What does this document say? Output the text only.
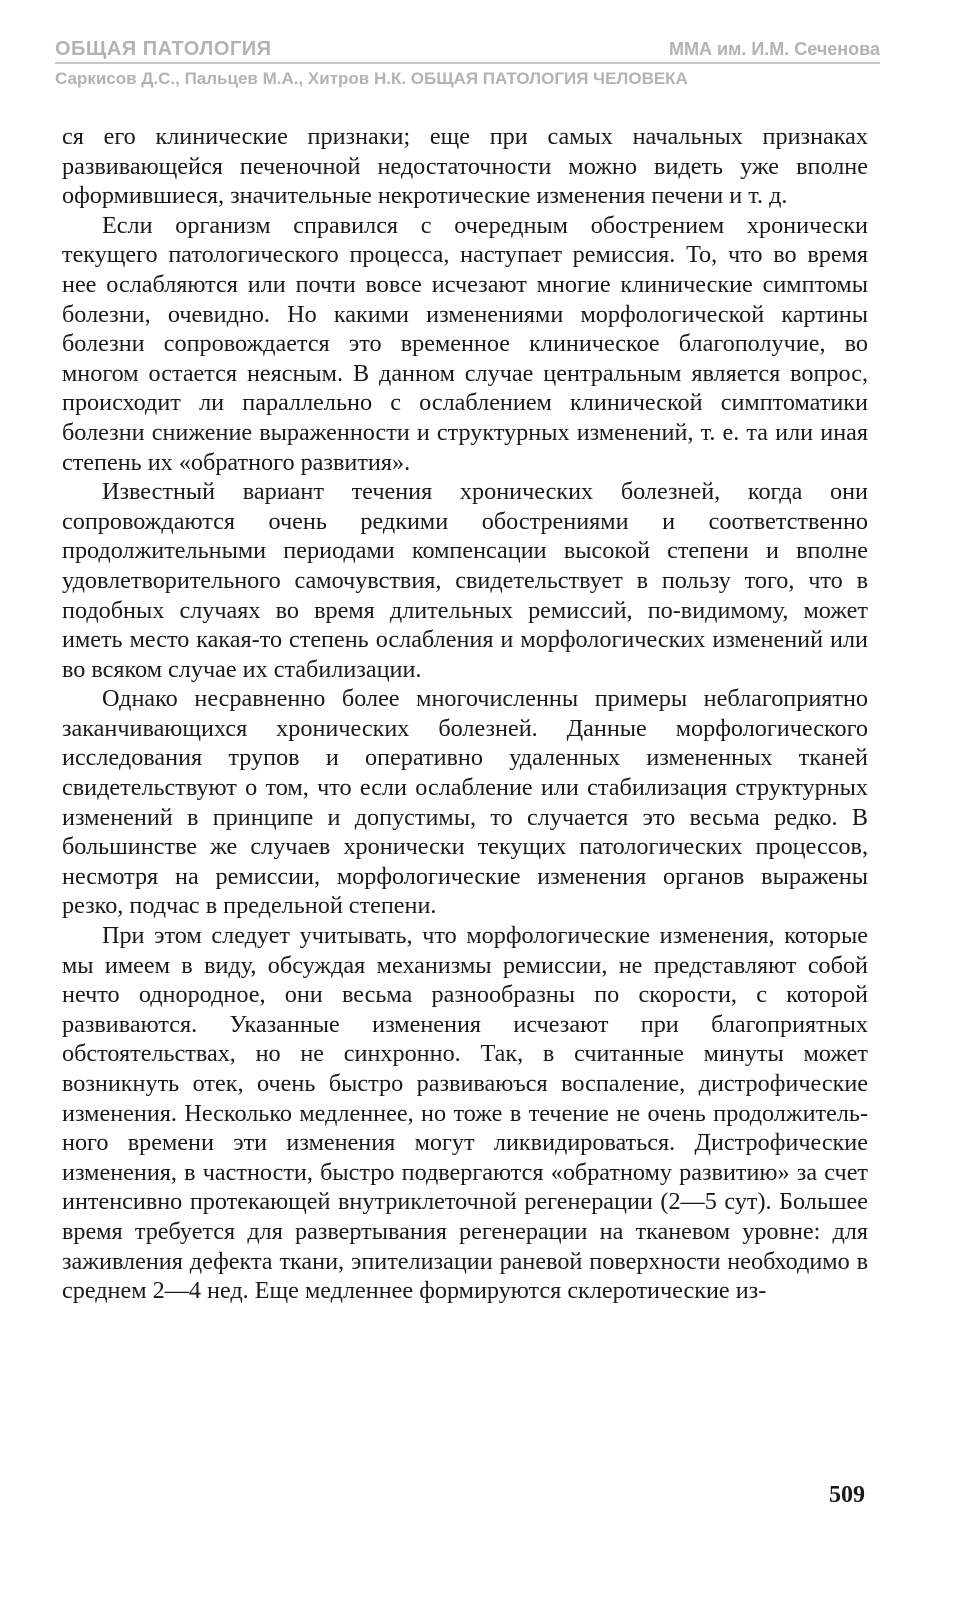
ОБЩАЯ ПАТОЛОГИЯ	ММА им. И.М. Сеченова
Саркисов Д.С., Пальцев М.А., Хитров Н.К. ОБЩАЯ ПАТОЛОГИЯ ЧЕЛОВЕКА

ся его клинические признаки; еще при самых начальных признаках развивающейся печеночной недостаточности можно видеть уже вполне оформившиеся, значительные некротические изменения печени и т. д.

Если организм справился с очередным обострением хронически текущего патологического процесса, наступает ремиссия. То, что во время нее ослабляются или почти вовсе исчезают многие клинические симптомы болезни, очевидно. Но какими изменениями морфологической картины болезни сопровождается это временное клиническое благополучие, во многом остается неясным. В данном случае центральным является вопрос, происходит ли параллельно с ослаблением клинической симптоматики болезни снижение выраженности и структурных изменений, т. е. та или иная степень их «обратного развития».

Известный вариант течения хронических болезней, когда они сопровождаются очень редкими обострениями и соответственно продолжительными периодами компенсации высокой степени и вполне удовлетворительного самочувствия, свидетельствует в пользу того, что в подобных случаях во время длительных ремиссий, по-видимому, может иметь место какая-то степень ослабления и морфологических изменений или во всяком случае их стабилизации.

Однако несравненно более многочисленны примеры неблагоприятно заканчивающихся хронических болезней. Данные морфологического исследования трупов и оперативно удаленных измененных тканей свидетельствуют о том, что если ослабление или стабилизация структурных изменений в принципе и допустимы, то случается это весьма редко. В большинстве же случаев хронически текущих патологических процессов, несмотря на ремиссии, морфологические изменения органов выражены резко, подчас в предельной степени.

При этом следует учитывать, что морфологические изменения, которые мы имеем в виду, обсуждая механизмы ремиссии, не представляют собой нечто однородное, они весьма разнообразны по скорости, с которой развиваются. Указанные изменения исчезают при благоприятных обстоятельствах, но не синхронно. Так, в считанные минуты может возникнуть отек, очень быстро развиваюъся воспаление, дистрофические изменения. Несколько медленнее, но тоже в течение не очень продолжительного времени эти изменения могут ликвидироваться. Дистрофические изменения, в частности, быстро подвергаются «обратному развитию» за счет интенсивно протекающей внутриклеточной регенерации (2—5 сут). Большее время требуется для развертывания регенерации на тканевом уровне: для заживления дефекта ткани, эпителизации раневой поверхности необходимо в среднем 2—4 нед. Еще медленнее формируются склеротические из-

509
